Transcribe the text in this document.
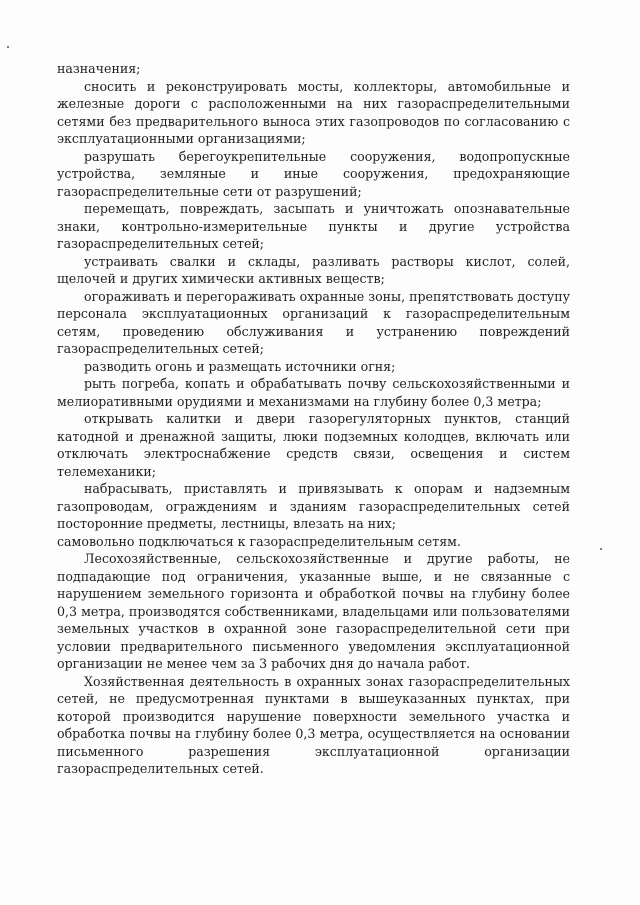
назначения;

сносить и реконструировать мосты, коллекторы, автомобильные и железные дороги с расположенными на них газораспределительными сетями без предварительного выноса этих газопроводов по согласованию с эксплуатационными организациями;

разрушать берегоукрепительные сооружения, водопропускные устройства, земляные и иные сооружения, предохраняющие газораспределительные сети от разрушений;

перемещать, повреждать, засыпать и уничтожать опознавательные знаки, контрольно-измерительные пункты и другие устройства газораспределительных сетей;

устраивать свалки и склады, разливать растворы кислот, солей, щелочей и других химически активных веществ;

огораживать и перегораживать охранные зоны, препятствовать доступу персонала эксплуатационных организаций к газораспределительным сетям, проведению обслуживания и устранению повреждений газораспределительных сетей;

разводить огонь и размещать источники огня;

рыть погреба, копать и обрабатывать почву сельскохозяйственными и мелиоративными орудиями и механизмами на глубину более 0,3 метра;

открывать калитки и двери газорегуляторных пунктов, станций катодной и дренажной защиты, люки подземных колодцев, включать или отключать электроснабжение средств связи, освещения и систем телемеханики;

набрасывать, приставлять и привязывать к опорам и надземным газопроводам, ограждениям и зданиям газораспределительных сетей посторонние предметы, лестницы, влезать на них;

самовольно подключаться к газораспределительным сетям.

Лесохозяйственные, сельскохозяйственные и другие работы, не подпадающие под ограничения, указанные выше, и не связанные с нарушением земельного горизонта и обработкой почвы на глубину более 0,3 метра, производятся собственниками, владельцами или пользователями земельных участков в охранной зоне газораспределительной сети при условии предварительного письменного уведомления эксплуатационной организации не менее чем за 3 рабочих дня до начала работ.

Хозяйственная деятельность в охранных зонах газораспределительных сетей, не предусмотренная пунктами в вышеуказанных пунктах, при которой производится нарушение поверхности земельного участка и обработка почвы на глубину более 0,3 метра, осуществляется на основании письменного разрешения эксплуатационной организации газораспределительных сетей.
